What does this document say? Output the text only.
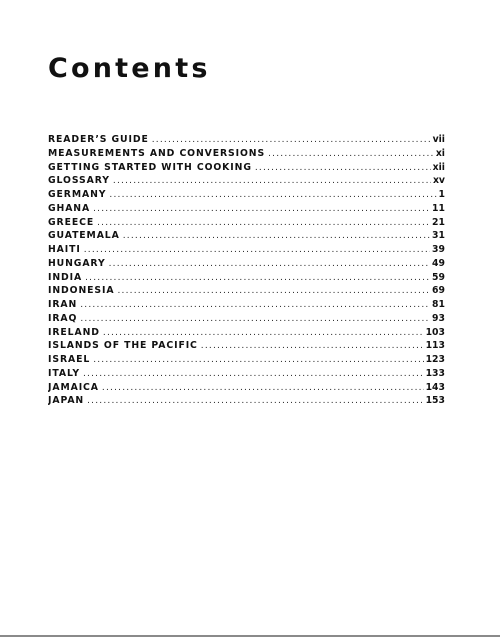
Contents
READER’S GUIDE .....	vii
MEASUREMENTS AND CONVERSIONS .....	xi
GETTING STARTED WITH COOKING .....	xii
GLOSSARY .....	xv
GERMANY .....	1
GHANA .....	11
GREECE .....	21
GUATEMALA .....	31
HAITI .....	39
HUNGARY .....	49
INDIA .....	59
INDONESIA .....	69
IRAN .....	81
IRAQ .....	93
IRELAND .....	103
ISLANDS OF THE PACIFIC .....	113
ISRAEL .....	123
ITALY .....	133
JAMAICA .....	143
JAPAN .....	153
